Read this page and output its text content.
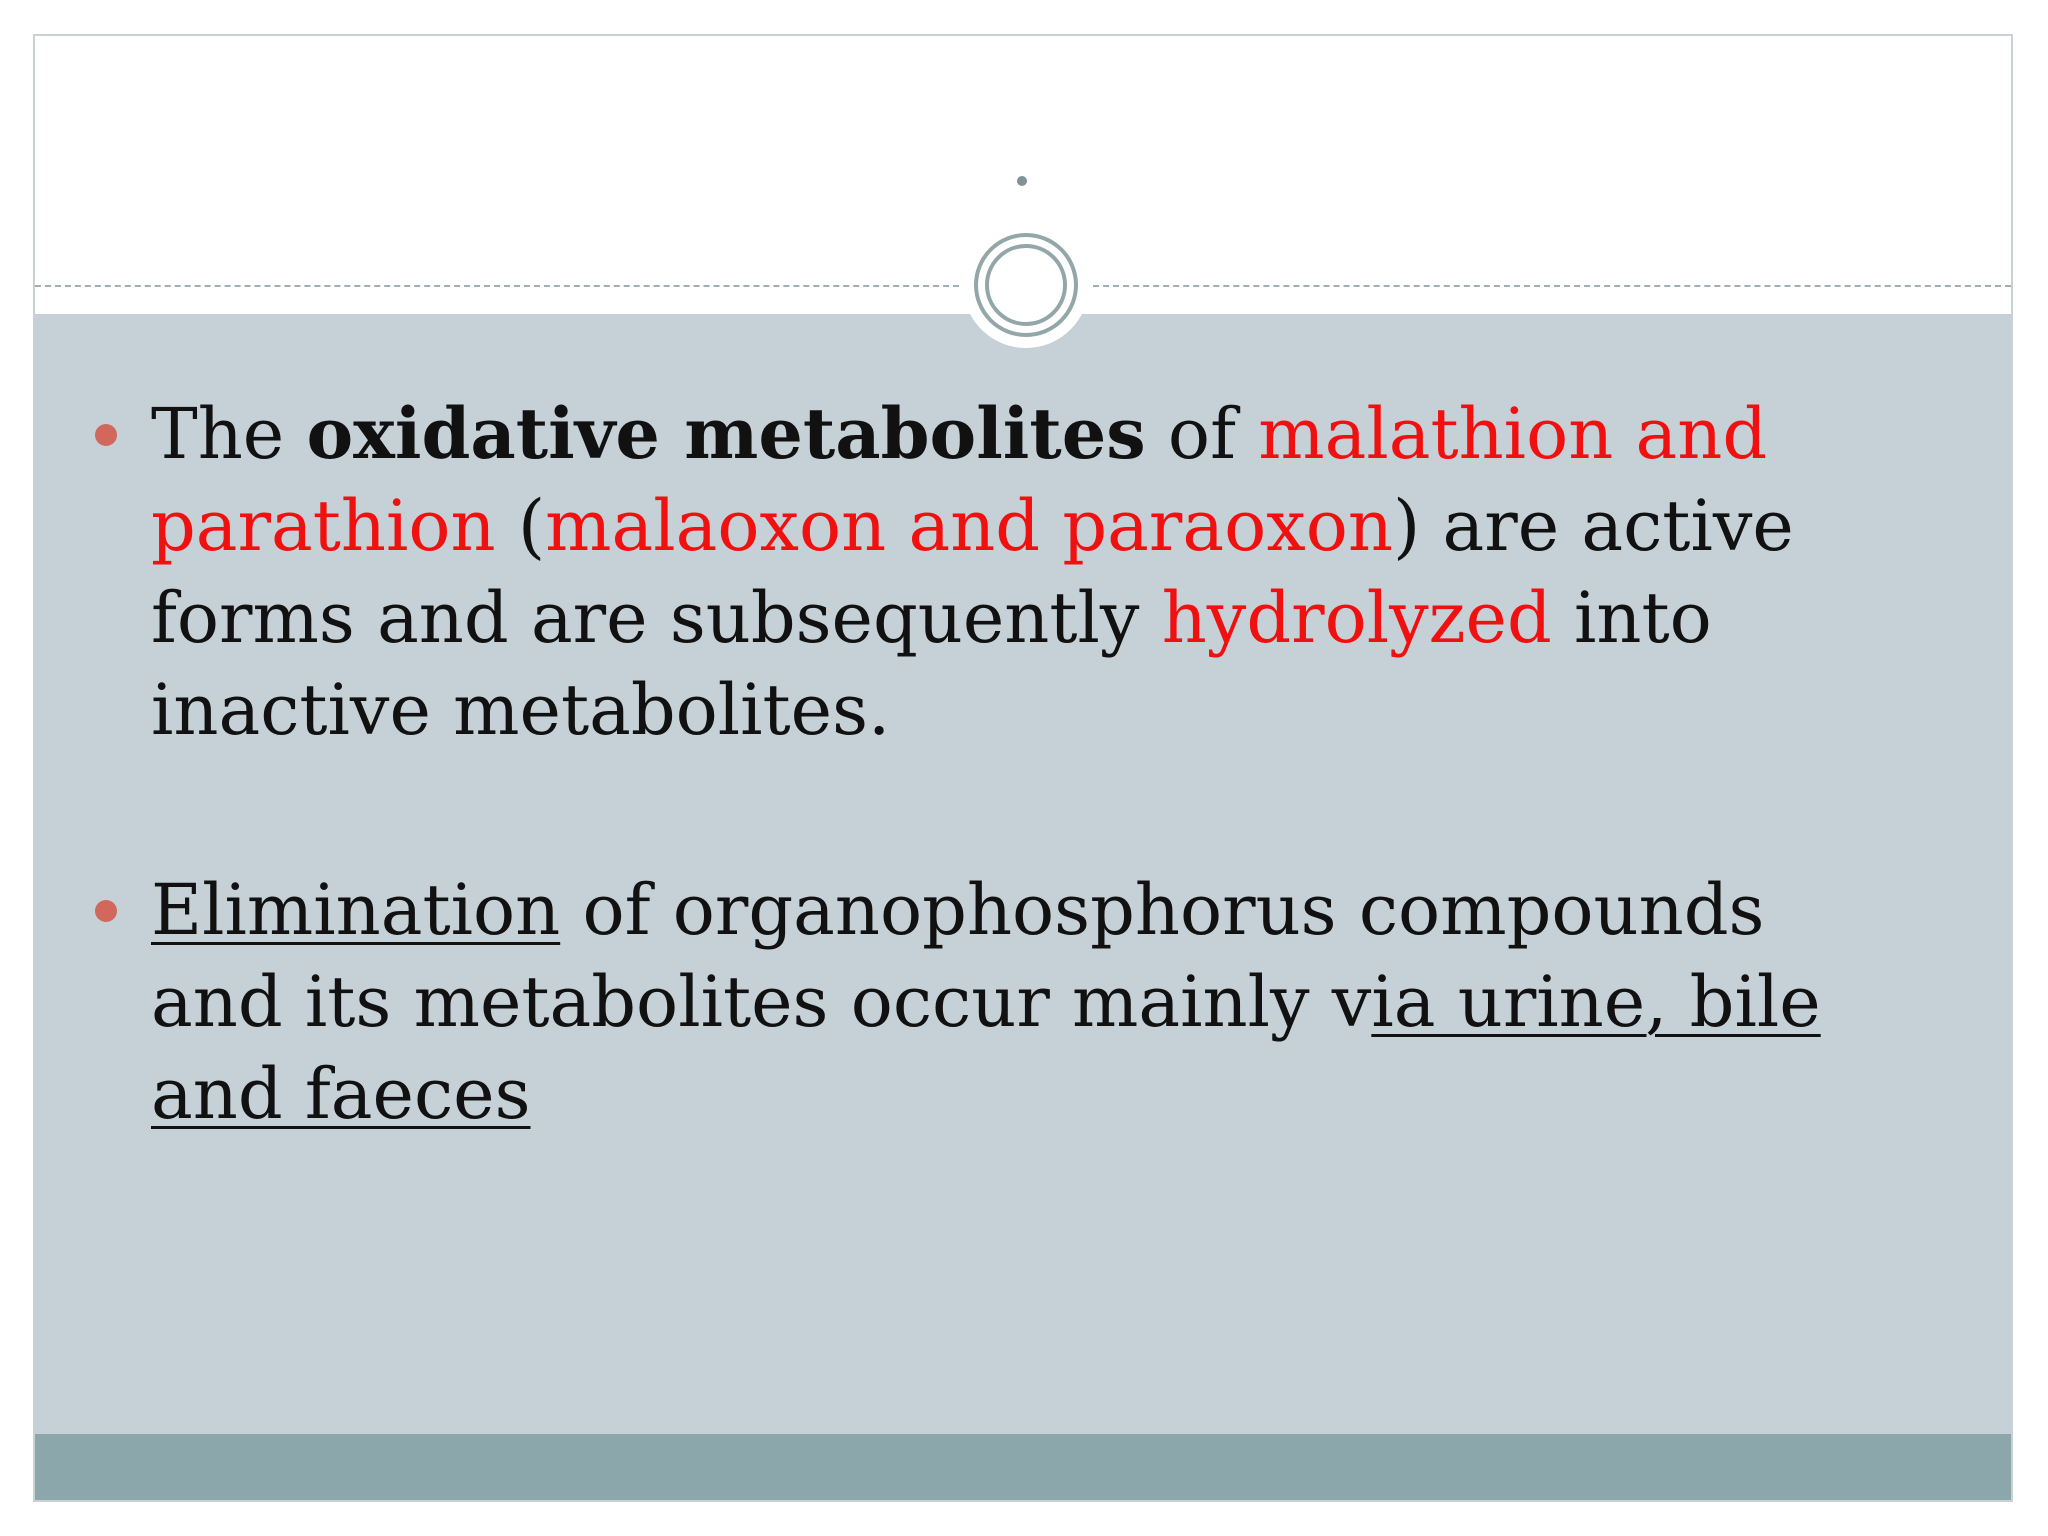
The oxidative metabolites of malathion and parathion (malaoxon and paraoxon) are active forms and are subsequently hydrolyzed into inactive metabolites.
Elimination of organophosphorus compounds and its metabolites occur mainly via urine, bile and faeces
